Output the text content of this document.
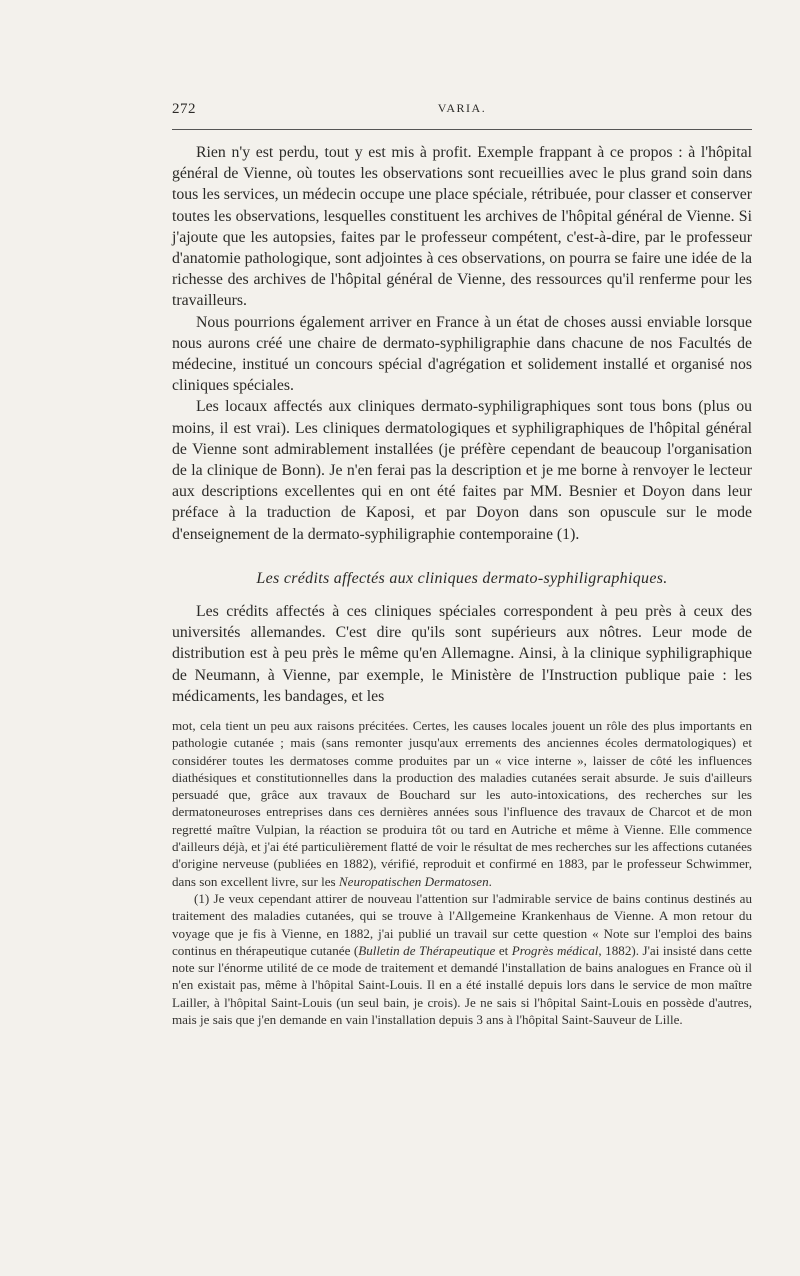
272	VARIA.

Rien n'y est perdu, tout y est mis à profit. Exemple frappant à ce propos : à l'hôpital général de Vienne, où toutes les observations sont recueillies avec le plus grand soin dans tous les services, un médecin occupe une place spéciale, rétribuée, pour classer et conserver toutes les observations, lesquelles constituent les archives de l'hôpital général de Vienne. Si j'ajoute que les autopsies, faites par le professeur compétent, c'est-à-dire, par le professeur d'anatomie pathologique, sont adjointes à ces observations, on pourra se faire une idée de la richesse des archives de l'hôpital général de Vienne, des ressources qu'il renferme pour les travailleurs.

Nous pourrions également arriver en France à un état de choses aussi enviable lorsque nous aurons créé une chaire de dermato-syphiligraphie dans chacune de nos Facultés de médecine, institué un concours spécial d'agrégation et solidement installé et organisé nos cliniques spéciales.

Les locaux affectés aux cliniques dermato-syphiligraphiques sont tous bons (plus ou moins, il est vrai). Les cliniques dermatologiques et syphiligraphiques de l'hôpital général de Vienne sont admirablement installées (je préfère cependant de beaucoup l'organisation de la clinique de Bonn). Je n'en ferai pas la description et je me borne à renvoyer le lecteur aux descriptions excellentes qui en ont été faites par MM. Besnier et Doyon dans leur préface à la traduction de Kaposi, et par Doyon dans son opuscule sur le mode d'enseignement de la dermato-syphiligraphie contemporaine (1).

Les crédits affectés aux cliniques dermato-syphiligraphiques.

Les crédits affectés à ces cliniques spéciales correspondent à peu près à ceux des universités allemandes. C'est dire qu'ils sont supérieurs aux nôtres. Leur mode de distribution est à peu près le même qu'en Allemagne. Ainsi, à la clinique syphiligraphique de Neumann, à Vienne, par exemple, le Ministère de l'Instruction publique paie : les médicaments, les bandages, et les

mot, cela tient un peu aux raisons précitées. Certes, les causes locales jouent un rôle des plus importants en pathologie cutanée ; mais (sans remonter jusqu'aux errements des anciennes écoles dermatologiques) et considérer toutes les dermatoses comme produites par un « vice interne », laisser de côté les influences diathésiques et constitutionnelles dans la production des maladies cutanées serait absurde. Je suis d'ailleurs persuadé que, grâce aux travaux de Bouchard sur les auto-intoxications, des recherches sur les dermatoneuroses entreprises dans ces dernières années sous l'influence des travaux de Charcot et de mon regretté maître Vulpian, la réaction se produira tôt ou tard en Autriche et même à Vienne. Elle commence d'ailleurs déjà, et j'ai été particulièrement flatté de voir le résultat de mes recherches sur les affections cutanées d'origine nerveuse (publiées en 1882), vérifié, reproduit et confirmé en 1883, par le professeur Schwimmer, dans son excellent livre, sur les Neuropatischen Dermatosen.

(1) Je veux cependant attirer de nouveau l'attention sur l'admirable service de bains continus destinés au traitement des maladies cutanées, qui se trouve à l'Allgemeine Krankenhaus de Vienne. A mon retour du voyage que je fis à Vienne, en 1882, j'ai publié un travail sur cette question « Note sur l'emploi des bains continus en thérapeutique cutanée (Bulletin de Thérapeutique et Progrès médical, 1882). J'ai insisté dans cette note sur l'énorme utilité de ce mode de traitement et demandé l'installation de bains analogues en France où il n'en existait pas, même à l'hôpital Saint-Louis. Il en a été installé depuis lors dans le service de mon maître Lailler, à l'hôpital Saint-Louis (un seul bain, je crois). Je ne sais si l'hôpital Saint-Louis en possède d'autres, mais je sais que j'en demande en vain l'installation depuis 3 ans à l'hôpital Saint-Sauveur de Lille.
